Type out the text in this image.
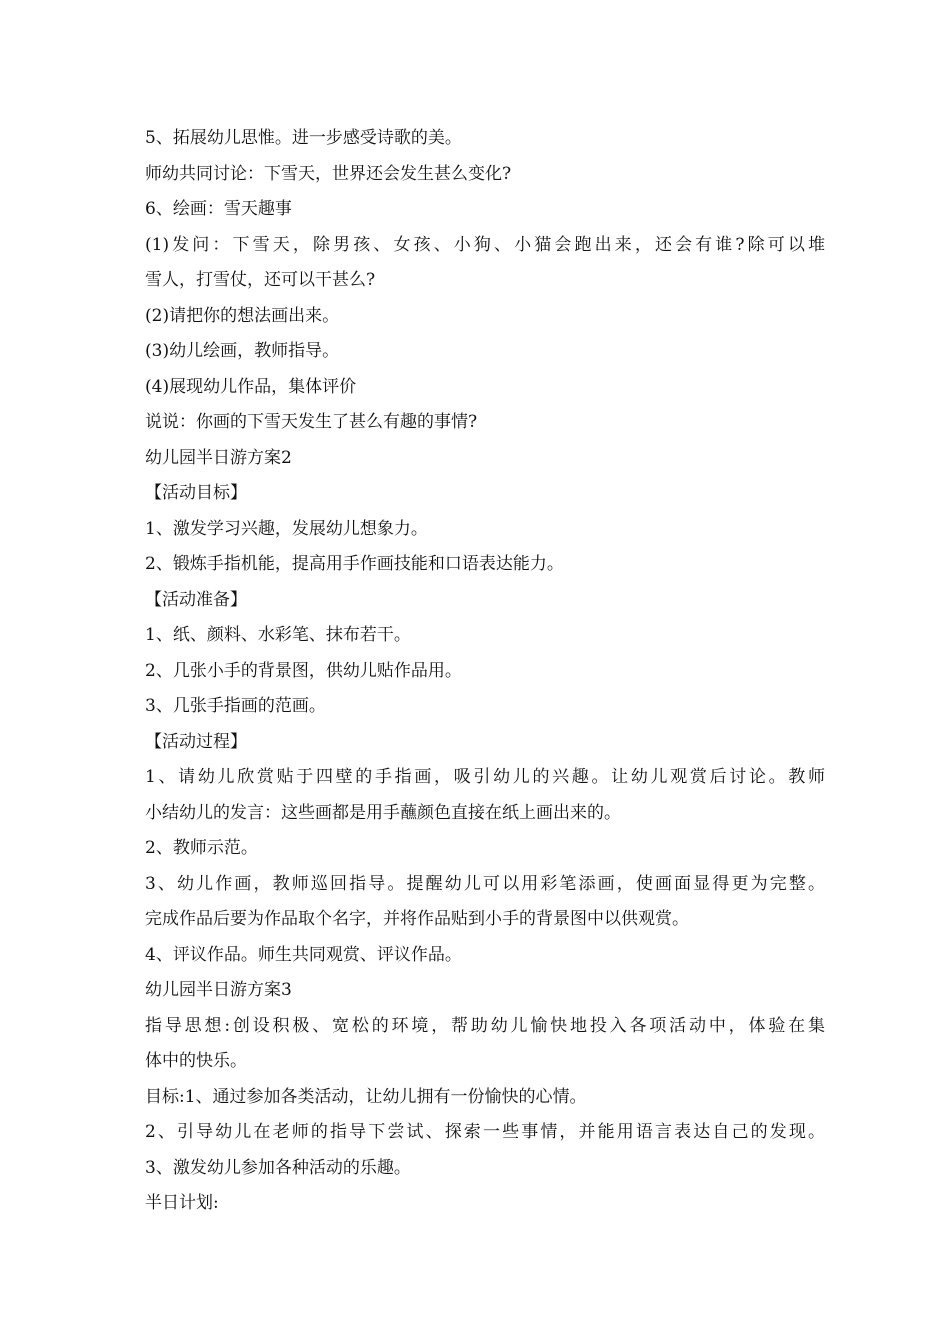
5、拓展幼儿思惟。进一步感受诗歌的美。
师幼共同讨论：下雪天，世界还会发生甚么变化?
6、绘画：雪天趣事
(1)发问：下雪天，除男孩、女孩、小狗、小猫会跑出来，还会有谁?除可以堆
雪人，打雪仗，还可以干甚么?
(2)请把你的想法画出来。
(3)幼儿绘画，教师指导。
(4)展现幼儿作品，集体评价
说说：你画的下雪天发生了甚么有趣的事情?
幼儿园半日游方案2
【活动目标】
1、激发学习兴趣，发展幼儿想象力。
2、锻炼手指机能，提高用手作画技能和口语表达能力。
【活动准备】
1、纸、颜料、水彩笔、抹布若干。
2、几张小手的背景图，供幼儿贴作品用。
3、几张手指画的范画。
【活动过程】
1、请幼儿欣赏贴于四壁的手指画，吸引幼儿的兴趣。让幼儿观赏后讨论。教师
小结幼儿的发言：这些画都是用手蘸颜色直接在纸上画出来的。
2、教师示范。
3、幼儿作画，教师巡回指导。提醒幼儿可以用彩笔添画，使画面显得更为完整。
完成作品后要为作品取个名字，并将作品贴到小手的背景图中以供观赏。
4、评议作品。师生共同观赏、评议作品。
幼儿园半日游方案3
指导思想:创设积极、宽松的环境，帮助幼儿愉快地投入各项活动中，体验在集
体中的快乐。
目标:1、通过参加各类活动，让幼儿拥有一份愉快的心情。
2、引导幼儿在老师的指导下尝试、探索一些事情，并能用语言表达自己的发现。
3、激发幼儿参加各种活动的乐趣。
半日计划:
